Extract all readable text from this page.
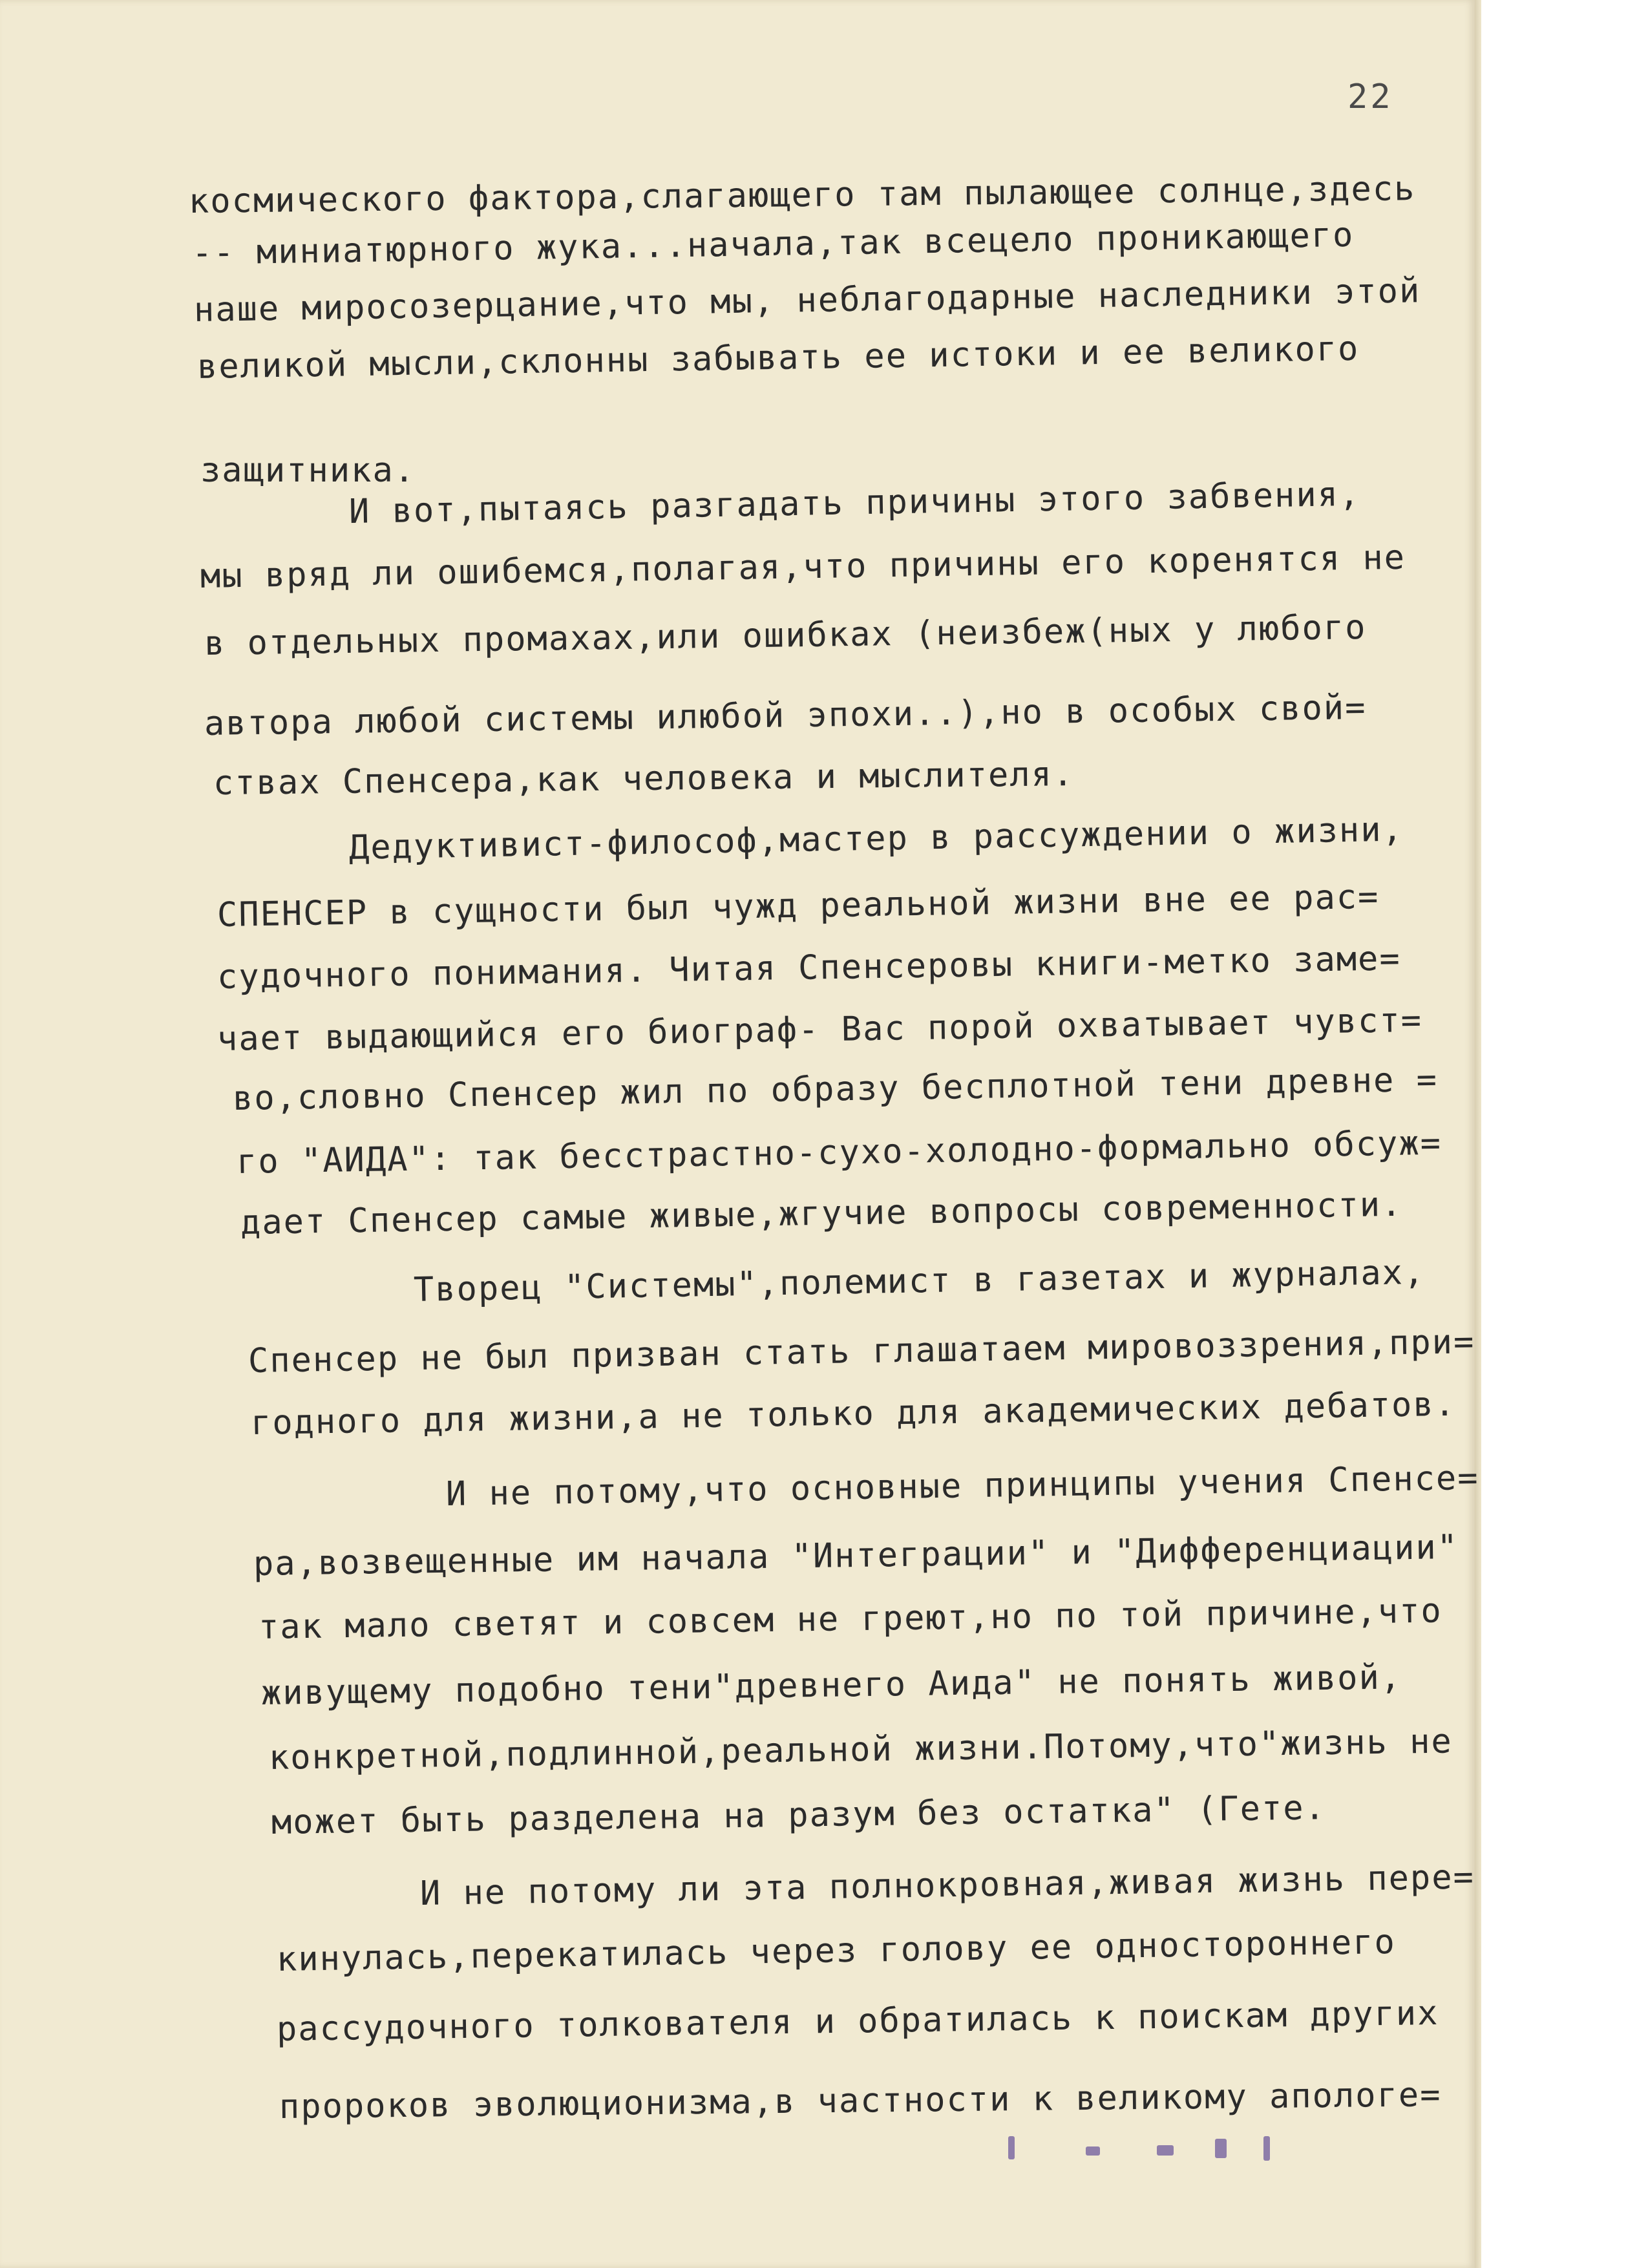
22
космического фактора,слагающего там пылающее солнце,здесь
-- миниатюрного жука...начала,так всецело проникающего
наше миросозерцание,что мы, неблагодарные наследники этой
великой мысли,склонны забывать ее истоки и ее великого
защитника.
И вот,пытаясь разгадать причины этого забвения,
мы вряд ли ошибемся,полагая,что причины его коренятся не
в отдельных промахах,или ошибках (неизбеж(ных у любого
автора любой системы илюбой эпохи..),но в особых свой=
ствах Спенсера,как человека и мыслителя.
Дедуктивист-философ,мастер в рассуждении о жизни,
СПЕНСЕР в сущности был чужд реальной жизни вне ее рас=
судочного понимания. Читая Спенсеровы книги-метко заме=
чает выдающийся его биограф- Вас порой охватывает чувст=
во,словно Спенсер жил по образу бесплотной тени древне =
го "АИДА": так бесстрастно-сухо-холодно-формально обсуж=
дает Спенсер самые живые,жгучие вопросы современности.
Творец "Системы",полемист в газетах и журналах,
Спенсер не был призван стать глашатаем мировоззрения,при=
годного для жизни,а не только для академических дебатов.
И не потому,что основные принципы учения Спенсе=
ра,возвещенные им начала "Интеграции" и "Дифференциации"
так мало светят и совсем не греют,но по той причине,что
живущему подобно тени"древнего Аида" не понять живой,
конкретной,подлинной,реальной жизни.Потому,что"жизнь не
может быть разделена на разум без остатка" (Гете.
И не потому ли эта полнокровная,живая жизнь пере=
кинулась,перекатилась через голову ее одностороннего
рассудочного толкователя и обратилась к поискам других
пророков эволюционизма,в частности к великому апологе=
